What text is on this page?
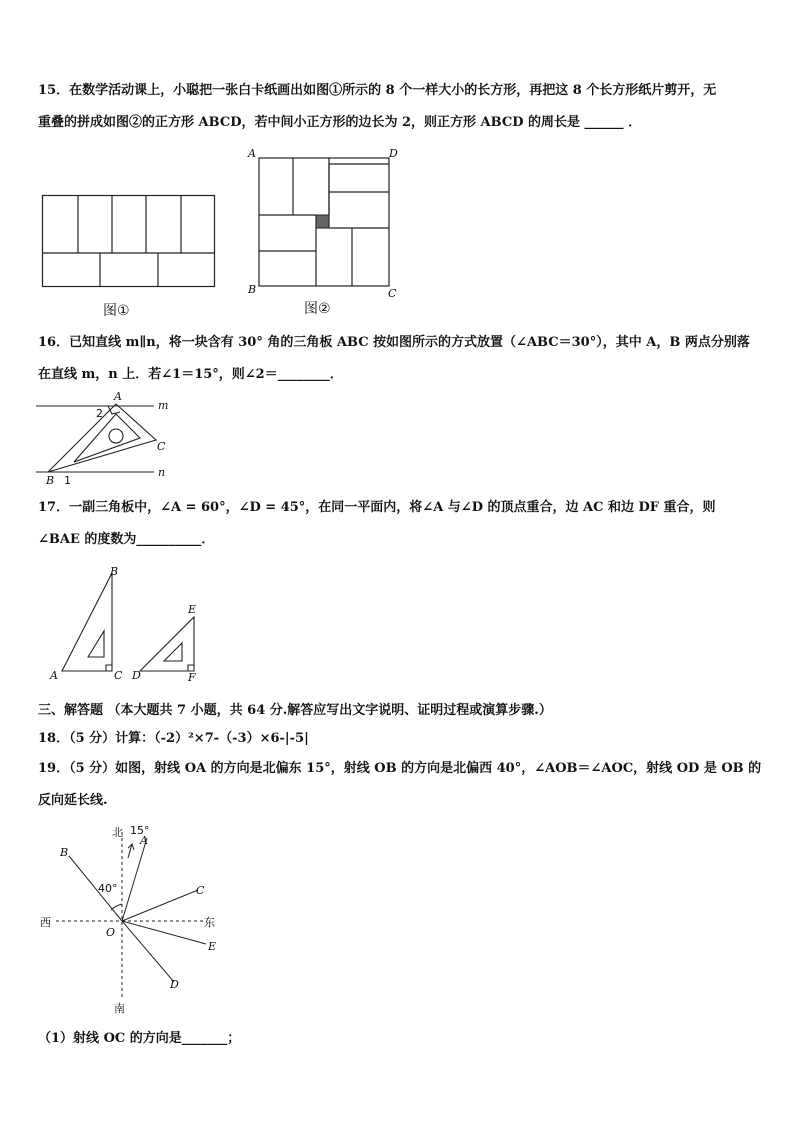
15．在数学活动课上，小聪把一张白卡纸画出如图①所示的 8 个一样大小的长方形，再把这 8 个长方形纸片剪开，无
重叠的拼成如图②的正方形 ABCD，若中间小正方形的边长为 2，则正方形 ABCD 的周长是 ______ ．
图①
A	D
B	C
图②
16．已知直线 m∥n，将一块含有 30° 角的三角板 ABC 按如图所示的方式放置（∠ABC＝30°），其中 A，B 两点分别落
在直线 m，n 上．若∠1＝15°，则∠2＝________．
m
n
A
C
B
2
1
17．一副三角板中，∠A = 60°，∠D = 45°，在同一平面内，将∠A 与∠D 的顶点重合，边 AC 和边 DF 重合，则
∠BAE 的度数为__________．
B
A	C
E
D	F
三、解答题 （本大题共 7 小题，共 64 分.解答应写出文字说明、证明过程或演算步骤.）
18．（5 分）计算：（-2）²×7-（-3）×6-|-5|
19．（5 分）如图，射线 OA 的方向是北偏东 15°，射线 OB 的方向是北偏西 40°，∠AOB＝∠AOC，射线 OD 是 OB 的
反向延长线.
北 15°
A
B
40°	C
西	东
O
E
D
南
（1）射线 OC 的方向是_______；
